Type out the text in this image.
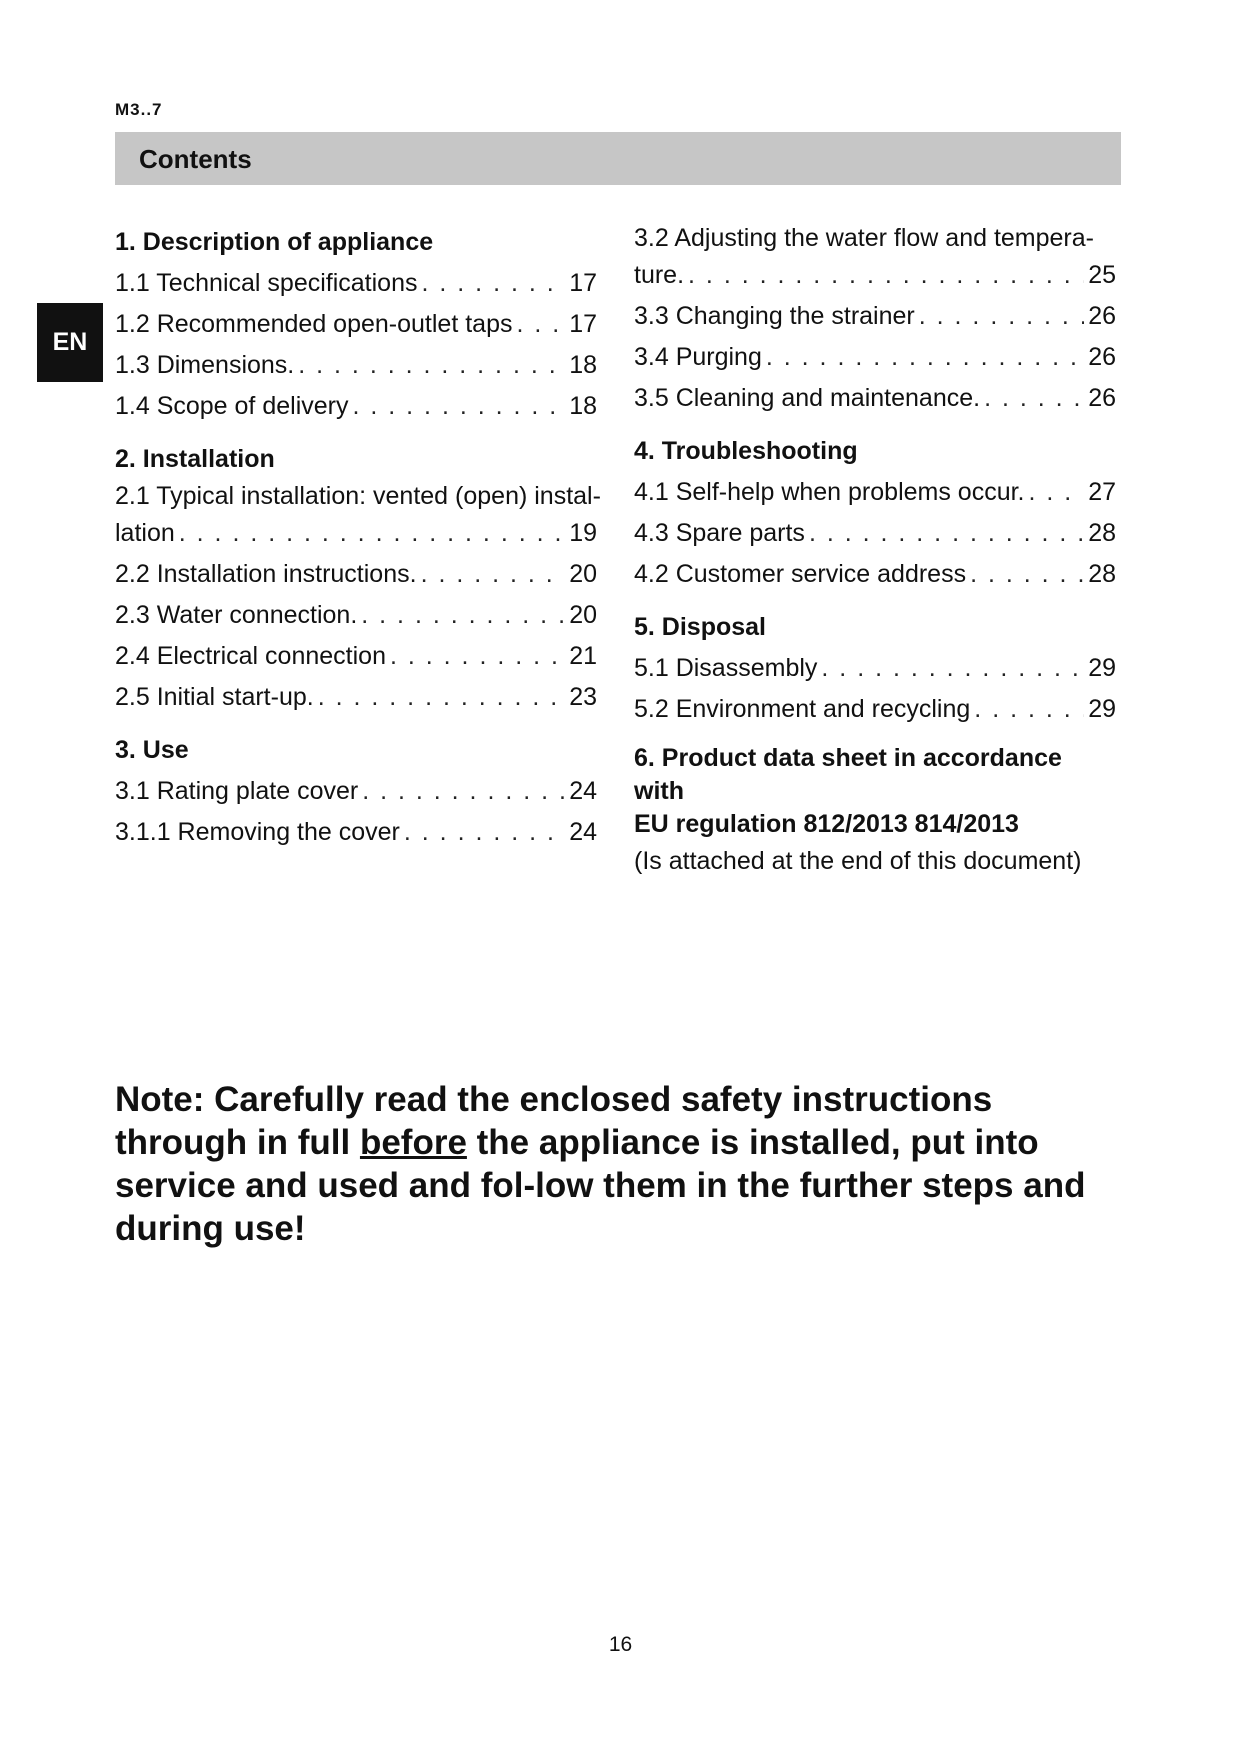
M3..7
Contents
EN
1. Description of appliance
1.1 Technical specifications . . .	17
1.2 Recommended open-outlet taps . . . 17
1.3 Dimensions. . . .	18
1.4 Scope of delivery . . .	18
2. Installation
2.1 Typical installation: vented (open) instal-
lation . . .	19
2.2 Installation instructions. . . .	20
2.3 Water connection. . . .	20
2.4 Electrical connection . . .	21
2.5 Initial start-up. . . .	23
3. Use
3.1 Rating plate cover . . .	24
3.1.1 Removing the cover . . .	24
3.2 Adjusting the water flow and tempera-
ture. . . .	25
3.3 Changing the strainer . . .	26
3.4 Purging . . .	26
3.5 Cleaning and maintenance. . . .	26
4. Troubleshooting
4.1 Self-help when problems occur. . . .	27
4.3 Spare parts . . .	28
4.2 Customer service address . . .	28
5. Disposal
5.1 Disassembly . . .	29
5.2 Environment and recycling . . .	29
6. Product data sheet in accordance with
EU regulation 812/2013 814/2013
(Is attached at the end of this document)
Note: Carefully read the enclosed safety instructions through in full before the appliance is installed, put into service and used and fol-low them in the further steps and during use!
16
